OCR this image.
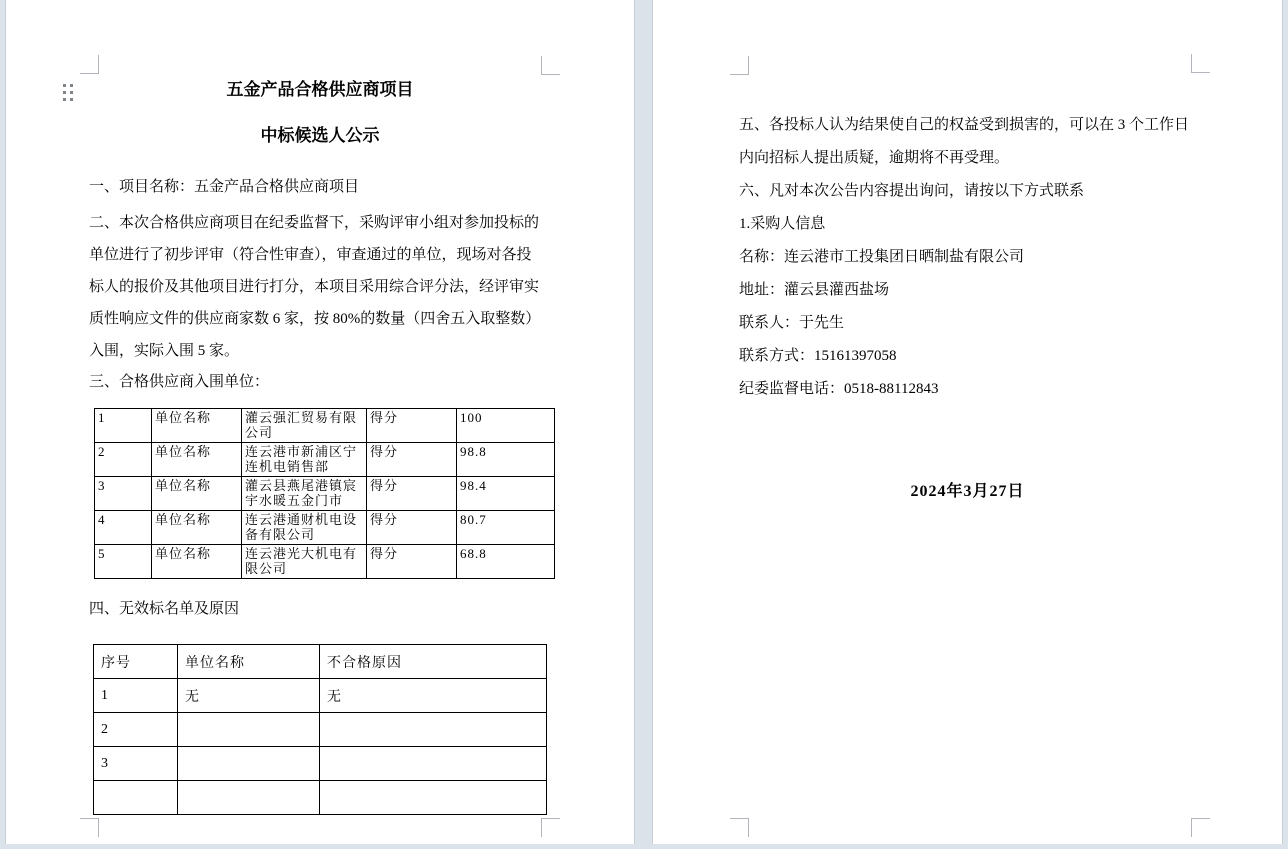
五金产品合格供应商项目
中标候选人公示
一、项目名称：五金产品合格供应商项目
二、本次合格供应商项目在纪委监督下，采购评审小组对参加投标的
单位进行了初步评审（符合性审查），审查通过的单位，现场对各投
标人的报价及其他项目进行打分，本项目采用综合评分法，经评审实
质性响应文件的供应商家数 6 家，按 80%的数量（四舍五入取整数）
入围，实际入围 5 家。
三、合格供应商入围单位：
1	单位名称	灌云强汇贸易有限公司	得分	100
2	单位名称	连云港市新浦区宁连机电销售部	得分	98.8
3	单位名称	灌云县燕尾港镇宸宇水暖五金门市	得分	98.4
4	单位名称	连云港通财机电设备有限公司	得分	80.7
5	单位名称	连云港光大机电有限公司	得分	68.8
四、无效标名单及原因
序号	单位名称	不合格原因
1	无	无
2		
3		

五、各投标人认为结果使自己的权益受到损害的，可以在 3 个工作日
内向招标人提出质疑，逾期将不再受理。
六、凡对本次公告内容提出询问，请按以下方式联系
1.采购人信息
名称：连云港市工投集团日晒制盐有限公司
地址：灌云县灌西盐场
联系人：于先生
联系方式：15161397058
纪委监督电话：0518-88112843
2024年3月27日
